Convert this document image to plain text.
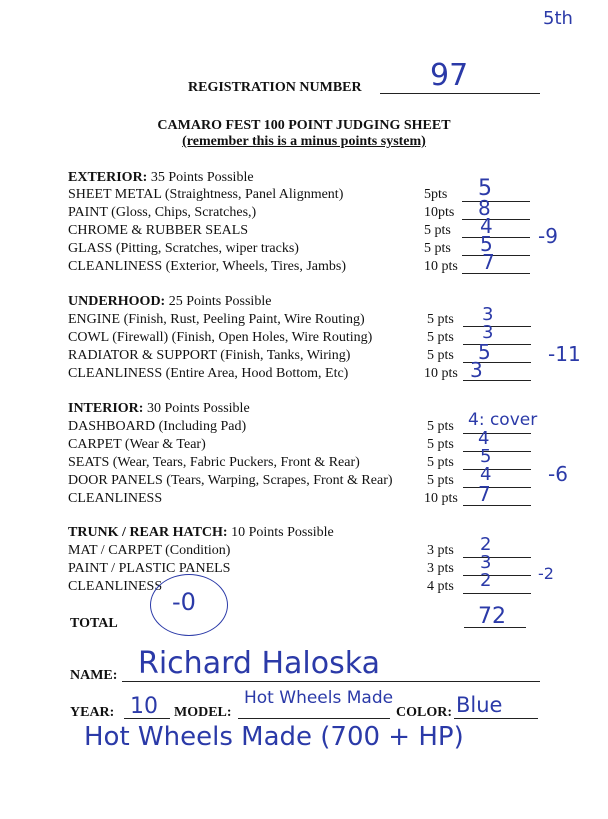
5th
REGISTRATION NUMBER 97
CAMARO FEST 100 POINT JUDGING SHEET
(remember this is a minus points system)
EXTERIOR: 35 Points Possible
SHEET METAL (Straightness, Panel Alignment)	5pts 5
PAINT (Gloss, Chips, Scratches,)	10pts 8
CHROME & RUBBER SEALS	5 pts 4
GLASS (Pitting, Scratches, wiper tracks)	5 pts 5
CLEANLINESS (Exterior, Wheels, Tires, Jambs)	10 pts 7
-9
UNDERHOOD: 25 Points Possible
ENGINE (Finish, Rust, Peeling Paint, Wire Routing)	5 pts 3
COWL (Firewall) (Finish, Open Holes, Wire Routing)	5 pts 3
RADIATOR & SUPPORT (Finish, Tanks, Wiring)	5 pts 5
CLEANLINESS (Entire Area, Hood Bottom, Etc)	10 pts 3
-11
INTERIOR: 30 Points Possible
DASHBOARD (Including Pad)	5 pts 4: cover
CARPET (Wear & Tear)	5 pts 4
SEATS (Wear, Tears, Fabric Puckers, Front & Rear)	5 pts 5
DOOR PANELS (Tears, Warping, Scrapes, Front & Rear) 5 pts 4
CLEANLINESS	10 pts 7
-6
TRUNK / REAR HATCH: 10 Points Possible
MAT / CARPET (Condition)	3 pts 2
PAINT / PLASTIC PANELS	3 pts 3
CLEANLINESS	4 pts 2	-2
-0
TOTAL	72
NAME: Richard Haloska
YEAR: 10 MODEL:
Hot Wheels Made
COLOR: Blue
Hot Wheels Made (700 + HP)
